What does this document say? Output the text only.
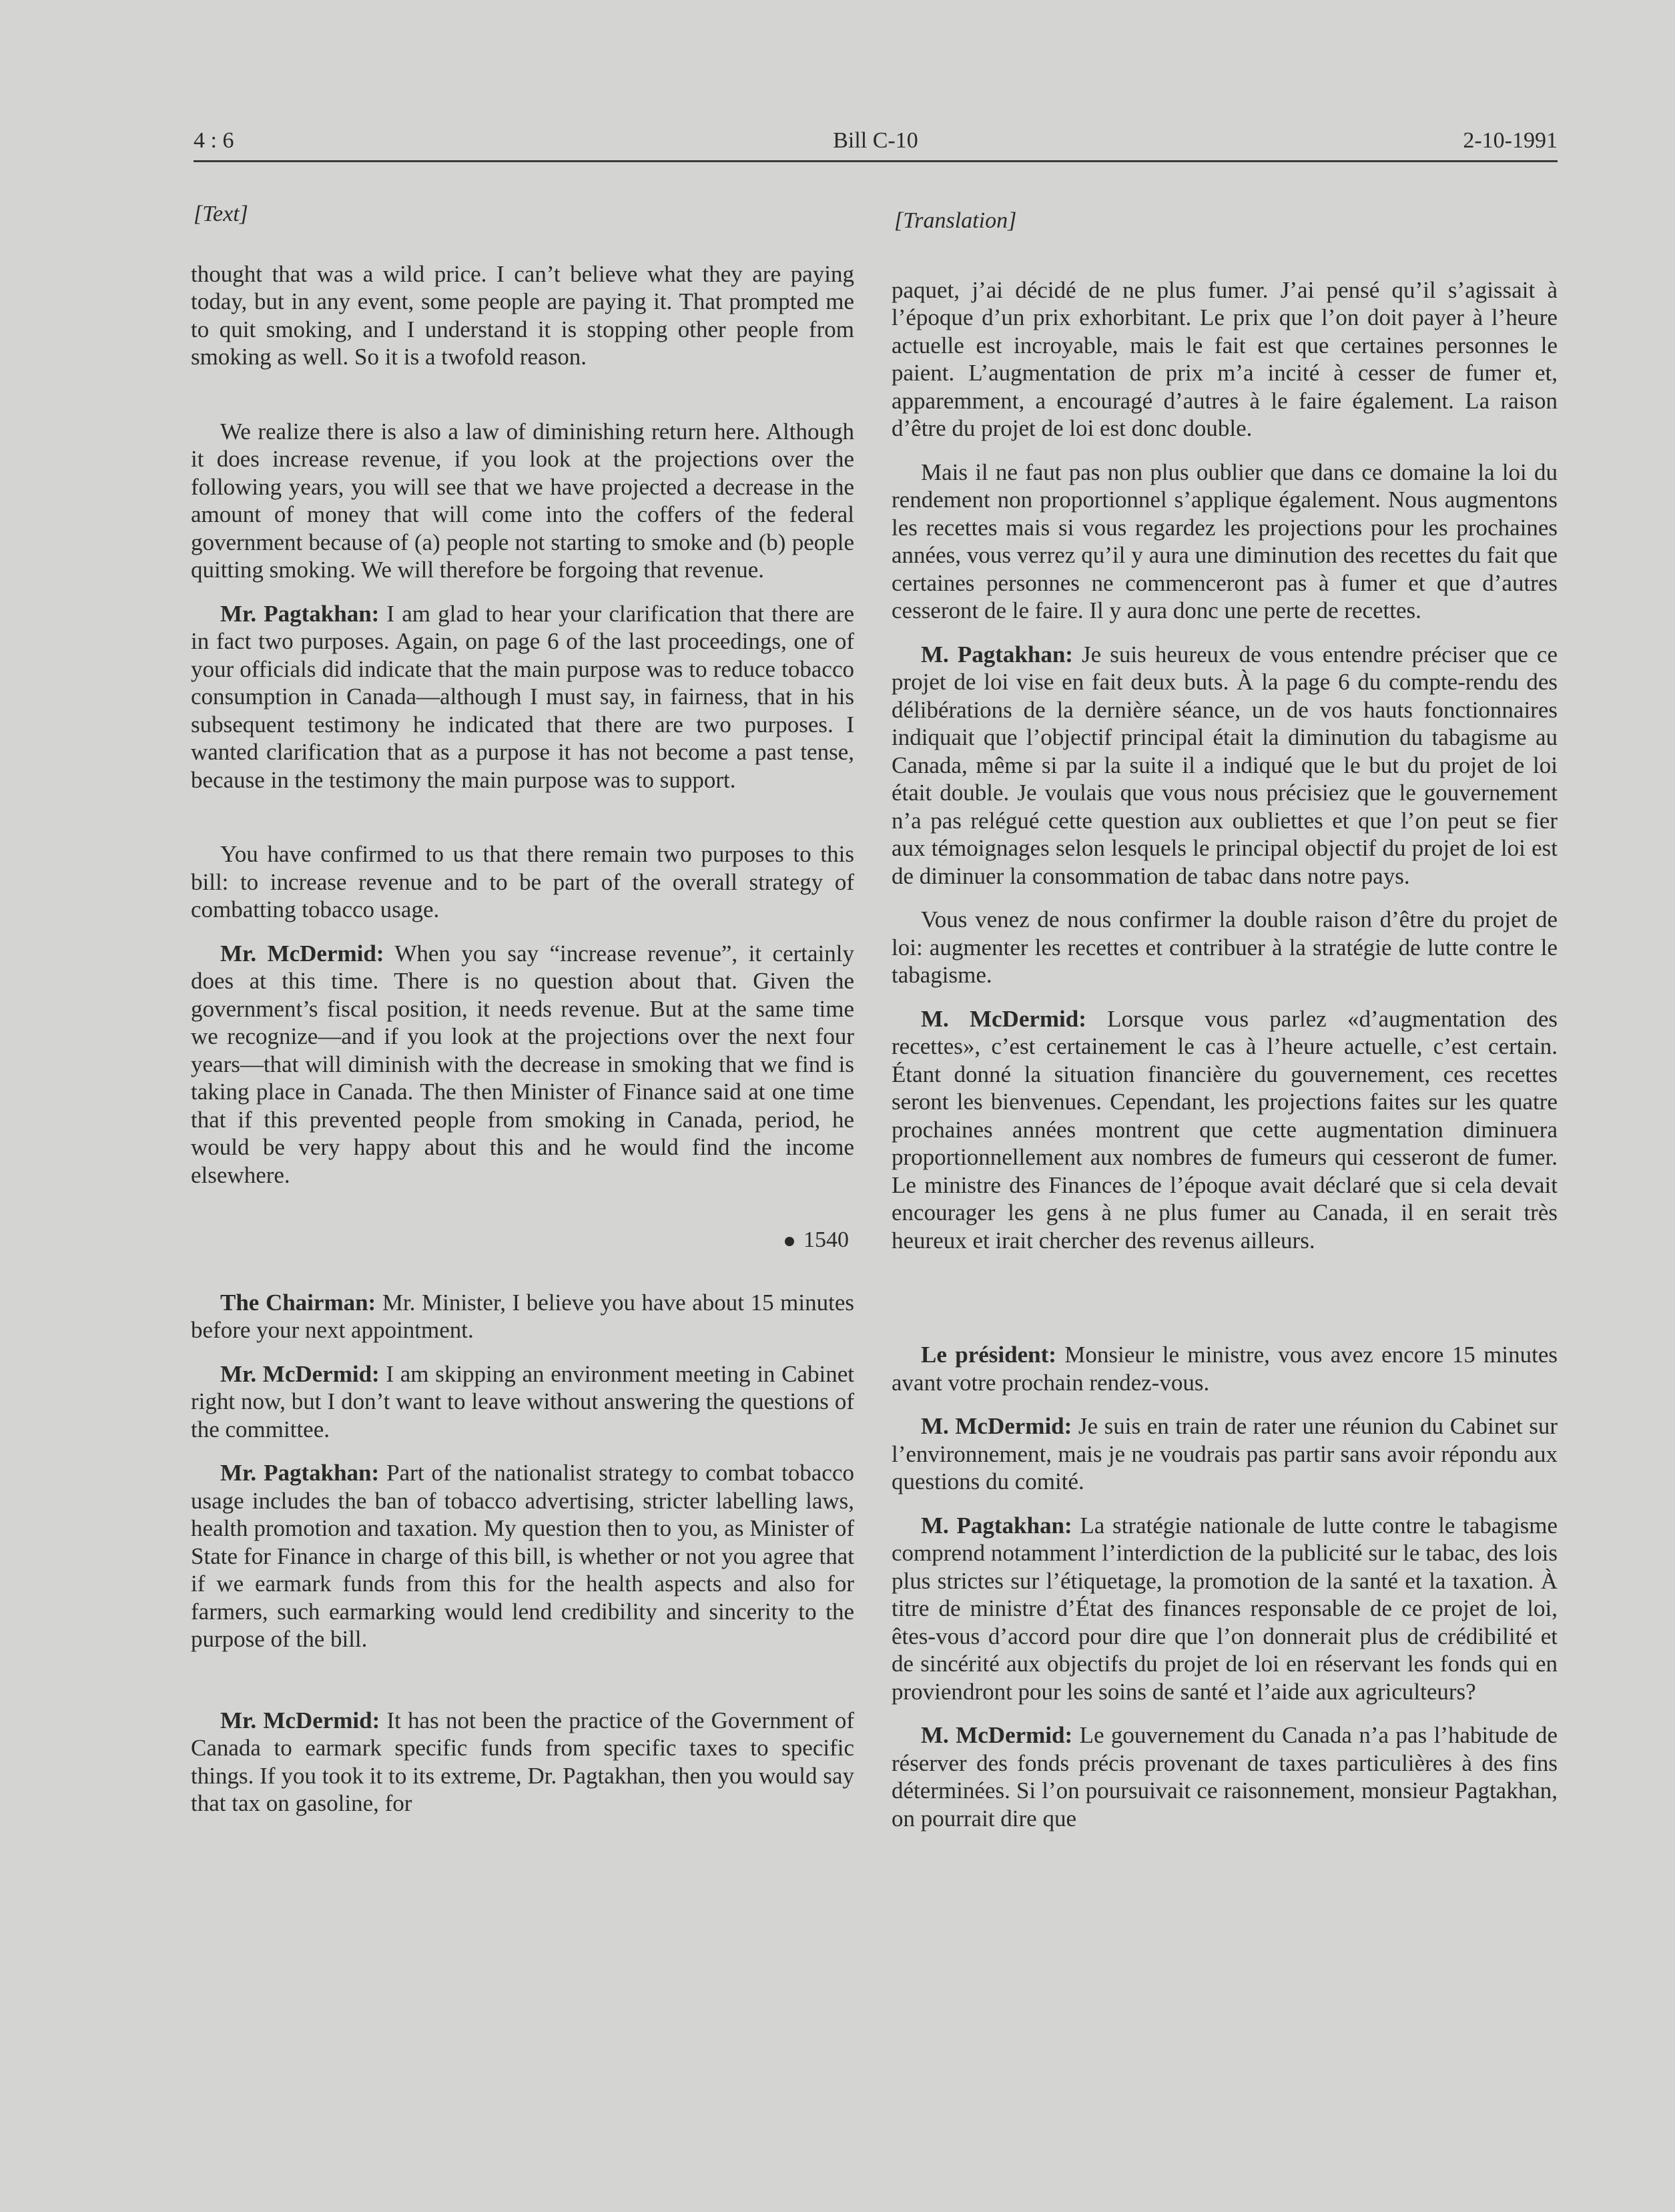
4 : 6	Bill C-10	2-10-1991
[Text]

thought that was a wild price. I can’t believe what they are paying today, but in any event, some people are paying it. That prompted me to quit smoking, and I understand it is stopping other people from smoking as well. So it is a twofold reason.

We realize there is also a law of diminishing return here. Although it does increase revenue, if you look at the projections over the following years, you will see that we have projected a decrease in the amount of money that will come into the coffers of the federal government because of (a) people not starting to smoke and (b) people quitting smoking. We will therefore be forgoing that revenue.

Mr. Pagtakhan: I am glad to hear your clarification that there are in fact two purposes. Again, on page 6 of the last proceedings, one of your officials did indicate that the main purpose was to reduce tobacco consumption in Canada—although I must say, in fairness, that in his subsequent testimony he indicated that there are two purposes. I wanted clarification that as a purpose it has not become a past tense, because in the testimony the main purpose was to support.

You have confirmed to us that there remain two purposes to this bill: to increase revenue and to be part of the overall strategy of combatting tobacco usage.

Mr. McDermid: When you say “increase revenue”, it certainly does at this time. There is no question about that. Given the government’s fiscal position, it needs revenue. But at the same time we recognize—and if you look at the projections over the next four years—that will diminish with the decrease in smoking that we find is taking place in Canada. The then Minister of Finance said at one time that if this prevented people from smoking in Canada, period, he would be very happy about this and he would find the income elsewhere.

1540

The Chairman: Mr. Minister, I believe you have about 15 minutes before your next appointment.

Mr. McDermid: I am skipping an environment meeting in Cabinet right now, but I don’t want to leave without answering the questions of the committee.

Mr. Pagtakhan: Part of the nationalist strategy to combat tobacco usage includes the ban of tobacco advertising, stricter labelling laws, health promotion and taxation. My question then to you, as Minister of State for Finance in charge of this bill, is whether or not you agree that if we earmark funds from this for the health aspects and also for farmers, such earmarking would lend credibility and sincerity to the purpose of the bill.

Mr. McDermid: It has not been the practice of the Government of Canada to earmark specific funds from specific taxes to specific things. If you took it to its extreme, Dr. Pagtakhan, then you would say that tax on gasoline, for

[Translation]

paquet, j’ai décidé de ne plus fumer. J’ai pensé qu’il s’agissait à l’époque d’un prix exhorbitant. Le prix que l’on doit payer à l’heure actuelle est incroyable, mais le fait est que certaines personnes le paient. L’augmentation de prix m’a incité à cesser de fumer et, apparemment, a encouragé d’autres à le faire également. La raison d’être du projet de loi est donc double.

Mais il ne faut pas non plus oublier que dans ce domaine la loi du rendement non proportionnel s’applique également. Nous augmentons les recettes mais si vous regardez les projections pour les prochaines années, vous verrez qu’il y aura une diminution des recettes du fait que certaines personnes ne commenceront pas à fumer et que d’autres cesseront de le faire. Il y aura donc une perte de recettes.

M. Pagtakhan: Je suis heureux de vous entendre préciser que ce projet de loi vise en fait deux buts. À la page 6 du compte-rendu des délibérations de la dernière séance, un de vos hauts fonctionnaires indiquait que l’objectif principal était la diminution du tabagisme au Canada, même si par la suite il a indiqué que le but du projet de loi était double. Je voulais que vous nous précisiez que le gouvernement n’a pas relégué cette question aux oubliettes et que l’on peut se fier aux témoignages selon lesquels le principal objectif du projet de loi est de diminuer la consommation de tabac dans notre pays.

Vous venez de nous confirmer la double raison d’être du projet de loi: augmenter les recettes et contribuer à la stratégie de lutte contre le tabagisme.

M. McDermid: Lorsque vous parlez «d’augmentation des recettes», c’est certainement le cas à l’heure actuelle, c’est certain. Étant donné la situation financière du gouvernement, ces recettes seront les bienvenues. Cependant, les projections faites sur les quatre prochaines années montrent que cette augmentation diminuera proportionnellement aux nombres de fumeurs qui cesseront de fumer. Le ministre des Finances de l’époque avait déclaré que si cela devait encourager les gens à ne plus fumer au Canada, il en serait très heureux et irait chercher des revenus ailleurs.

Le président: Monsieur le ministre, vous avez encore 15 minutes avant votre prochain rendez-vous.

M. McDermid: Je suis en train de rater une réunion du Cabinet sur l’environnement, mais je ne voudrais pas partir sans avoir répondu aux questions du comité.

M. Pagtakhan: La stratégie nationale de lutte contre le tabagisme comprend notamment l’interdiction de la publicité sur le tabac, des lois plus strictes sur l’étiquetage, la promotion de la santé et la taxation. À titre de ministre d’État des finances responsable de ce projet de loi, êtes-vous d’accord pour dire que l’on donnerait plus de crédibilité et de sincérité aux objectifs du projet de loi en réservant les fonds qui en proviendront pour les soins de santé et l’aide aux agriculteurs?

M. McDermid: Le gouvernement du Canada n’a pas l’habitude de réserver des fonds précis provenant de taxes particulières à des fins déterminées. Si l’on poursuivait ce raisonnement, monsieur Pagtakhan, on pourrait dire que
